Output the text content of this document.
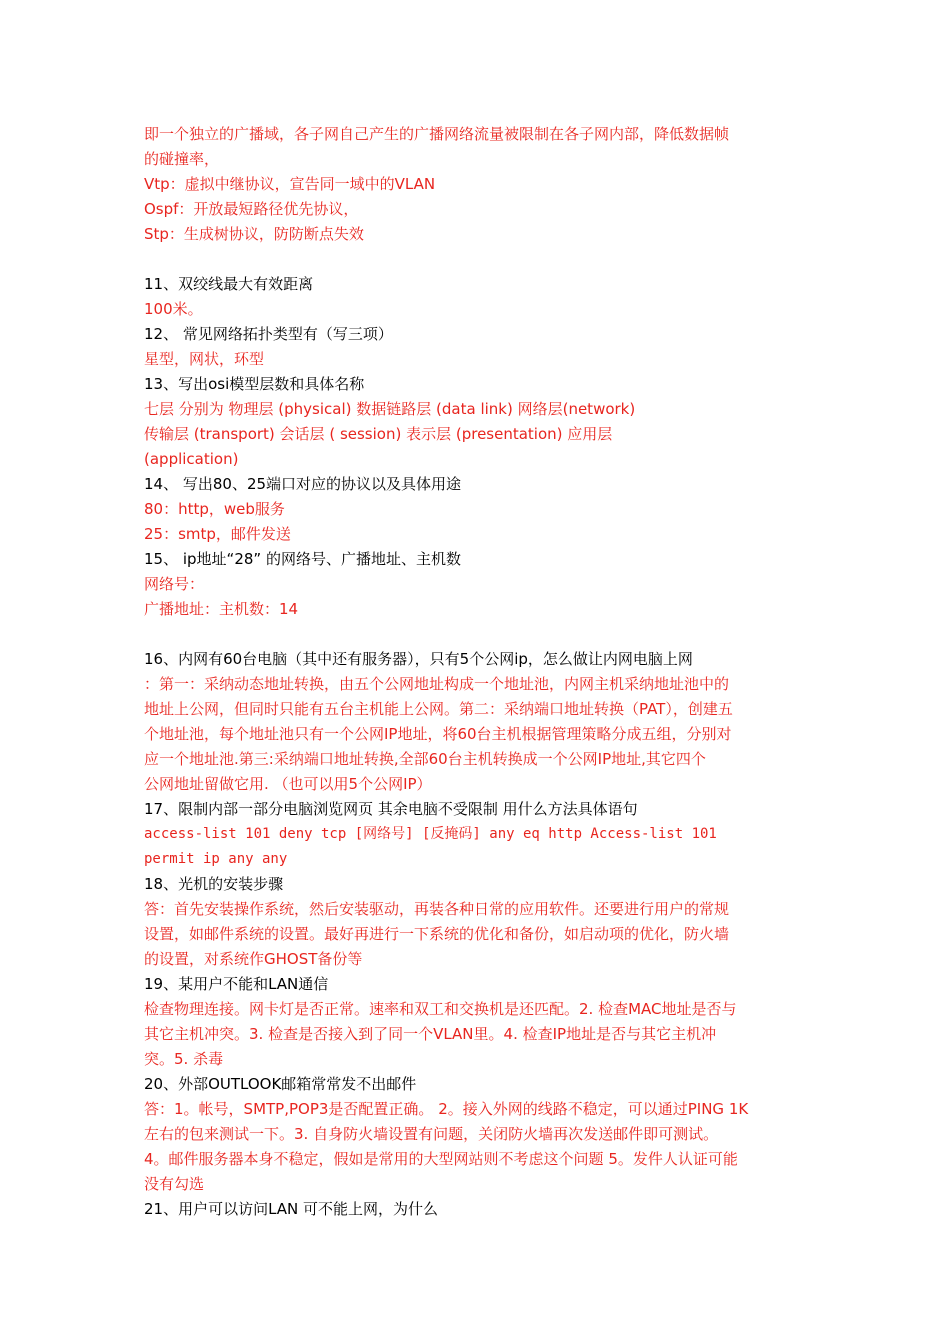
即一个独立的广播域，各子网自己产生的广播网络流量被限制在各子网内部，降低数据帧
的碰撞率，
Vtp：虚拟中继协议，宣告同一域中的VLAN
Ospf：开放最短路径优先协议，
Stp：生成树协议，防防断点失效
11、双绞线最大有效距离
100米。
12、 常见网络拓扑类型有（写三项）
星型，网状，环型
13、写出osi模型层数和具体名称
七层 分别为 物理层 (physical) 数据链路层 (data link) 网络层(network)
传输层 (transport) 会话层 ( session) 表示层 (presentation) 应用层
(application)
14、 写出80、25端口对应的协议以及具体用途
80：http，web服务
25：smtp，邮件发送
15、 ip地址“28” 的网络号、广播地址、主机数
网络号：
广播地址：主机数：14
16、内网有60台电脑（其中还有服务器），只有5个公网ip，怎么做让内网电脑上网
：第一：采纳动态地址转换，由五个公网地址构成一个地址池，内网主机采纳地址池中的
地址上公网，但同时只能有五台主机能上公网。第二：采纳端口地址转换（PAT），创建五
个地址池，每个地址池只有一个公网IP地址，将60台主机根据管理策略分成五组，分别对
应一个地址池.第三:采纳端口地址转换,全部60台主机转换成一个公网IP地址,其它四个
公网地址留做它用. （也可以用5个公网IP）
17、限制内部一部分电脑浏览网页 其余电脑不受限制 用什么方法具体语句
access-list 101 deny tcp [网络号] [反掩码] any eq http Access-list 101
permit ip any any
18、光机的安装步骤
答：首先安装操作系统，然后安装驱动，再装各种日常的应用软件。还要进行用户的常规
设置，如邮件系统的设置。最好再进行一下系统的优化和备份，如启动项的优化，防火墙
的设置，对系统作GHOST备份等
19、某用户不能和LAN通信
检查物理连接。网卡灯是否正常。速率和双工和交换机是还匹配。2. 检查MAC地址是否与
其它主机冲突。3. 检查是否接入到了同一个VLAN里。4. 检查IP地址是否与其它主机冲
突。5. 杀毒
20、外部OUTLOOK邮箱常常发不出邮件
答：1。帐号，SMTP,POP3是否配置正确。 2。接入外网的线路不稳定，可以通过PING 1K
左右的包来测试一下。3. 自身防火墙设置有问题，关闭防火墙再次发送邮件即可测试。
4。邮件服务器本身不稳定，假如是常用的大型网站则不考虑这个问题 5。发件人认证可能
没有勾选
21、用户可以访问LAN 可不能上网，为什么
